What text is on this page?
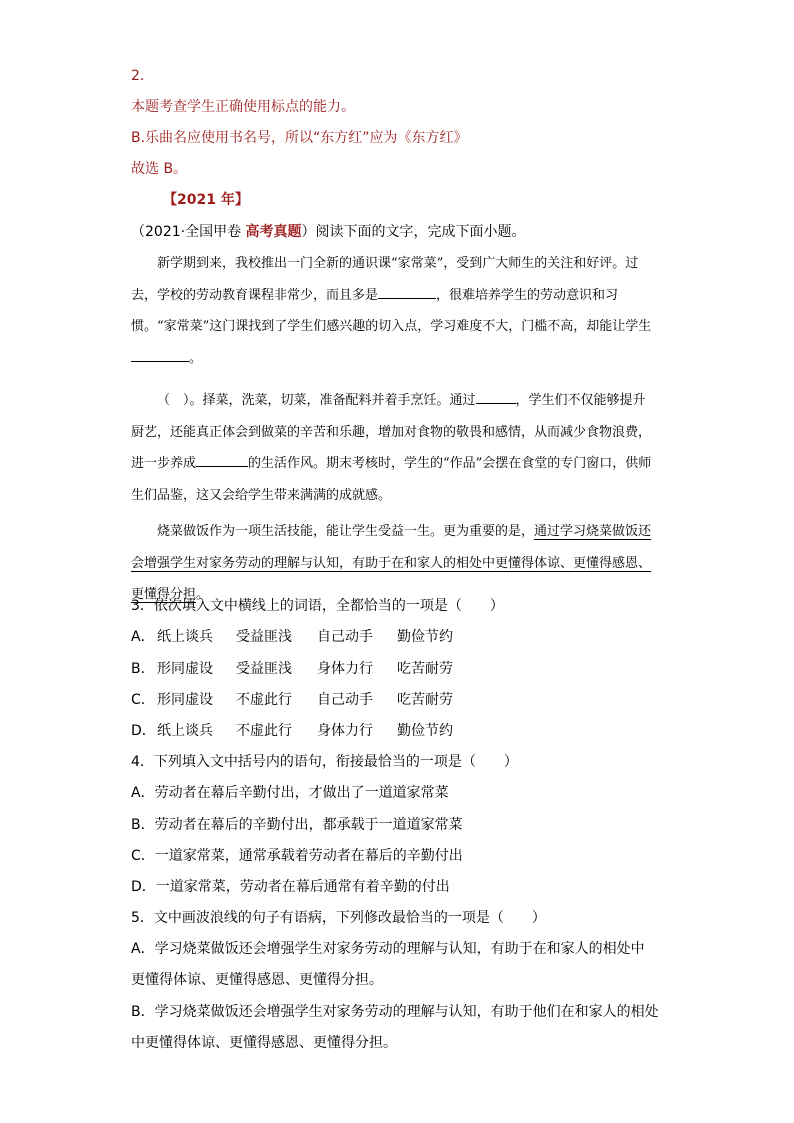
2．
本题考查学生正确使用标点的能力。
B.乐曲名应使用书名号，所以“东方红”应为《东方红》
故选 B。
【2021 年】
（2021·全国甲卷 高考真题）阅读下面的文字，完成下面小题。

新学期到来，我校推出一门全新的通识课“家常菜”，受到广大师生的关注和好评。过去，学校的劳动教育课程非常少，而且多是	，很难培养学生的劳动意识和习惯。“家常菜”这门课找到了学生们感兴趣的切入点，学习难度不大，门槛不高，却能让学生。

（　）。择菜，洗菜，切菜，准备配料并着手烹饪。通过	，学生们不仅能够提升厨艺，还能真正体会到做菜的辛苦和乐趣，增加对食物的敬畏和感情，从而减少食物浪费，进一步养成	的生活作风。期末考核时，学生的“作品”会摆在食堂的专门窗口，供师生们品鉴，这又会给学生带来满满的成就感。

烧菜做饭作为一项生活技能，能让学生受益一生。更为重要的是，通过学习烧菜做饭还会增强学生对家务劳动的理解与认知，有助于在和家人的相处中更懂得体谅、更懂得感恩、更懂得分担。

3．依次填入文中横线上的词语，全都恰当的一项是（　　）
A． 纸上谈兵 受益匪浅 自己动手 勤俭节约
B． 形同虚设 受益匪浅 身体力行 吃苦耐劳
C． 形同虚设 不虚此行 自己动手 吃苦耐劳
D． 纸上谈兵 不虚此行 身体力行 勤俭节约
4．下列填入文中括号内的语句，衔接最恰当的一项是（　　）
A．劳动者在幕后辛勤付出，才做出了一道道家常菜
B．劳动者在幕后的辛勤付出，都承载于一道道家常菜
C．一道家常菜，通常承载着劳动者在幕后的辛勤付出
D．一道家常菜，劳动者在幕后通常有着辛勤的付出
5．文中画波浪线的句子有语病，下列修改最恰当的一项是（　　）
A．学习烧菜做饭还会增强学生对家务劳动的理解与认知，有助于在和家人的相处中
更懂得体谅、更懂得感恩、更懂得分担。
B．学习烧菜做饭还会增强学生对家务劳动的理解与认知，有助于他们在和家人的相处
中更懂得体谅、更懂得感恩、更懂得分担。
